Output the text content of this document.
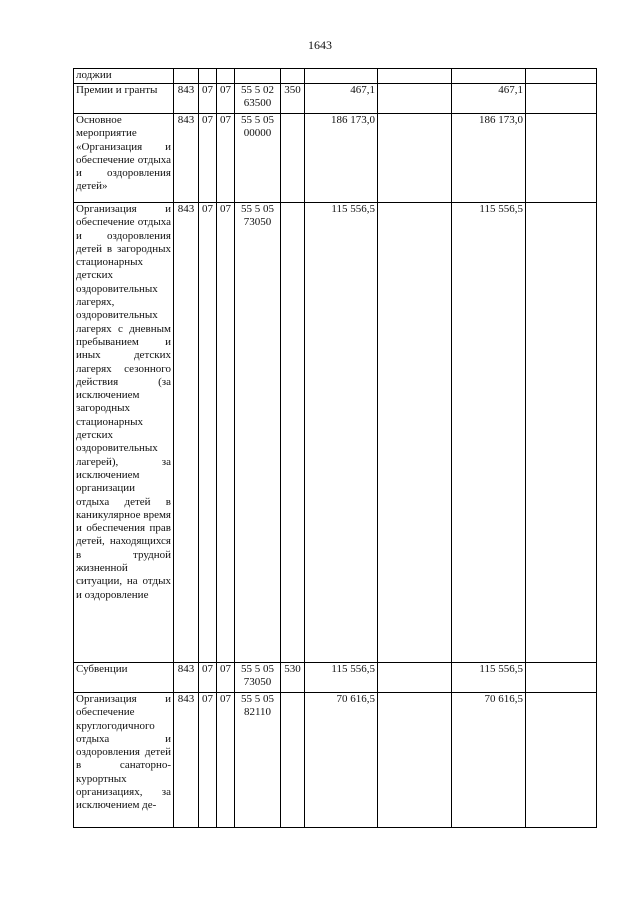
1643
лоджии									
Премии и гранты	843	07	07	55 5 02 63500	350	467,1		467,1	
Основное мероприятие «Организация и обеспечение отдыха и оздоровления детей»	843	07	07	55 5 05 00000		186 173,0		186 173,0	
Организация и обеспечение отдыха и оздоровления детей в загородных стационарных детских оздоровительных лагерях, оздоровительных лагерях с дневным пребыванием и иных детских лагерях сезонного действия (за исключением загородных стационарных детских оздоровительных лагерей), за исключением организации отдыха детей в каникулярное время и обеспечения прав детей, находящихся в трудной жизненной ситуации, на отдых и оздоровление	843	07	07	55 5 05 73050		115 556,5		115 556,5	
Субвенции	843	07	07	55 5 05 73050	530	115 556,5		115 556,5	
Организация и обеспечение круглогодичного отдыха и оздоровления детей в санаторно-курортных организациях, за исключением де-	843	07	07	55 5 05 82110		70 616,5		70 616,5	
